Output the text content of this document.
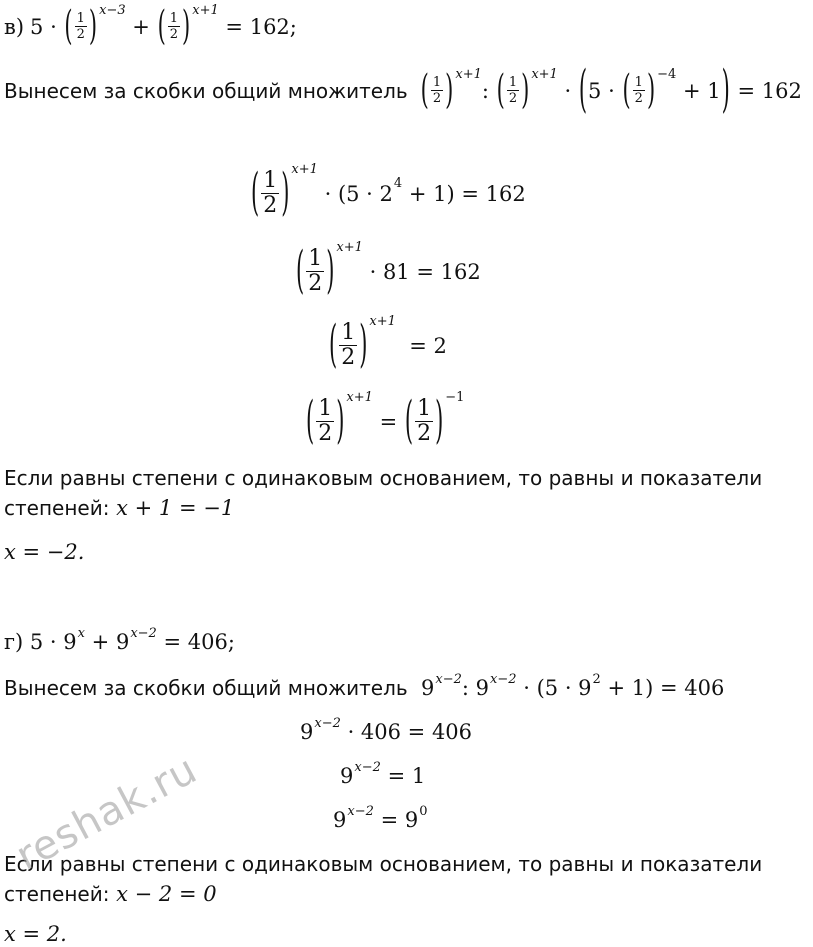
в) 5 · ( $\frac{1}{2}$ ) x−3
+ ( $\frac{1}{2}$ ) x+1
= 162 ;
Вынесем за скобки общий множитель ( $\frac{1}{2}$ ) x+1
: ( $\frac{1}{2}$ ) x+1
· ( 5 · ( $\frac{1}{2}$ ) −4
+ 1 ) = 162
( $\frac{1}{2}$ ) x+1
· (5 · 2 4
+ 1) = 162
( $\frac{1}{2}$ ) x+1

· 81 = 162
( $\frac{1}{2}$ ) x+1

= 2
( $\frac{1}{2}$ ) x+1
= ( $\frac{1}{2}$ ) −1
Если равны степени с одинаковым основанием, то равны и показатели
степеней:
x + 1 = −1
x = −2.
г)
5 · 9 x
+ 9 x−2
= 406;
Вынесем за скобки общий множитель
9 x−2 : 9 x−2
· (5 · 9 2
+ 1) = 406
9 x−2
· 406 = 406
9 x−2
= 1
9 x−2
= 9 0
Если равны степени с одинаковым основанием, то равны и показатели
степеней:
x − 2 = 0
x = 2.
reshak.ru
